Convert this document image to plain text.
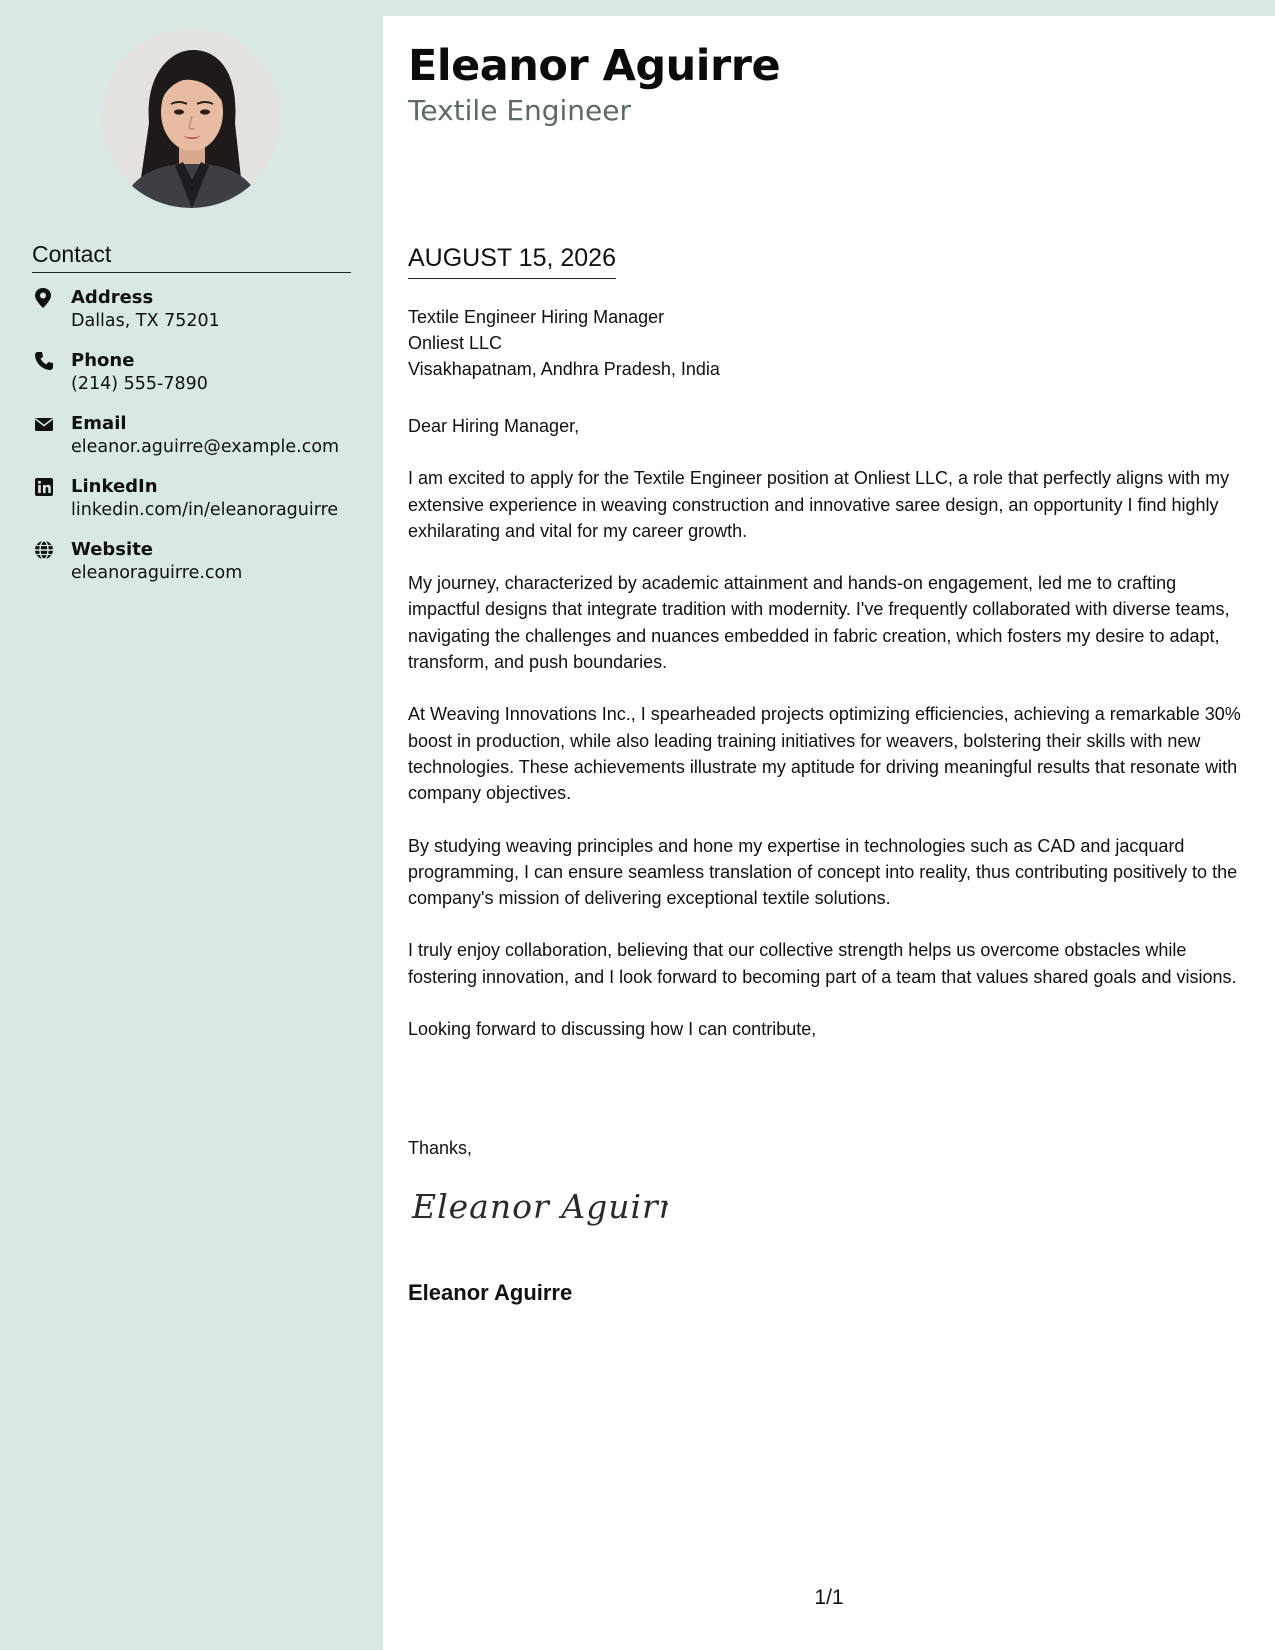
Contact
Address
Dallas, TX 75201
Phone
(214) 555-7890
Email
eleanor.aguirre@example.com
LinkedIn
linkedin.com/in/eleanoraguirre
Website
eleanoraguirre.com
Eleanor Aguirre
Textile Engineer
AUGUST 15, 2026
Textile Engineer Hiring Manager
Onliest LLC
Visakhapatnam, Andhra Pradesh, India

Dear Hiring Manager,

I am excited to apply for the Textile Engineer position at Onliest LLC, a role that perfectly aligns with my extensive experience in weaving construction and innovative saree design, an opportunity I find highly exhilarating and vital for my career growth.

My journey, characterized by academic attainment and hands-on engagement, led me to crafting impactful designs that integrate tradition with modernity. I've frequently collaborated with diverse teams, navigating the challenges and nuances embedded in fabric creation, which fosters my desire to adapt, transform, and push boundaries.

At Weaving Innovations Inc., I spearheaded projects optimizing efficiencies, achieving a remarkable 30% boost in production, while also leading training initiatives for weavers, bolstering their skills with new technologies. These achievements illustrate my aptitude for driving meaningful results that resonate with company objectives.

By studying weaving principles and hone my expertise in technologies such as CAD and jacquard programming, I can ensure seamless translation of concept into reality, thus contributing positively to the company's mission of delivering exceptional textile solutions.

I truly enjoy collaboration, believing that our collective strength helps us overcome obstacles while fostering innovation, and I look forward to becoming part of a team that values shared goals and visions.

Looking forward to discussing how I can contribute,

Thanks,
Eleanor Aguirre
Eleanor Aguirre
1/1
